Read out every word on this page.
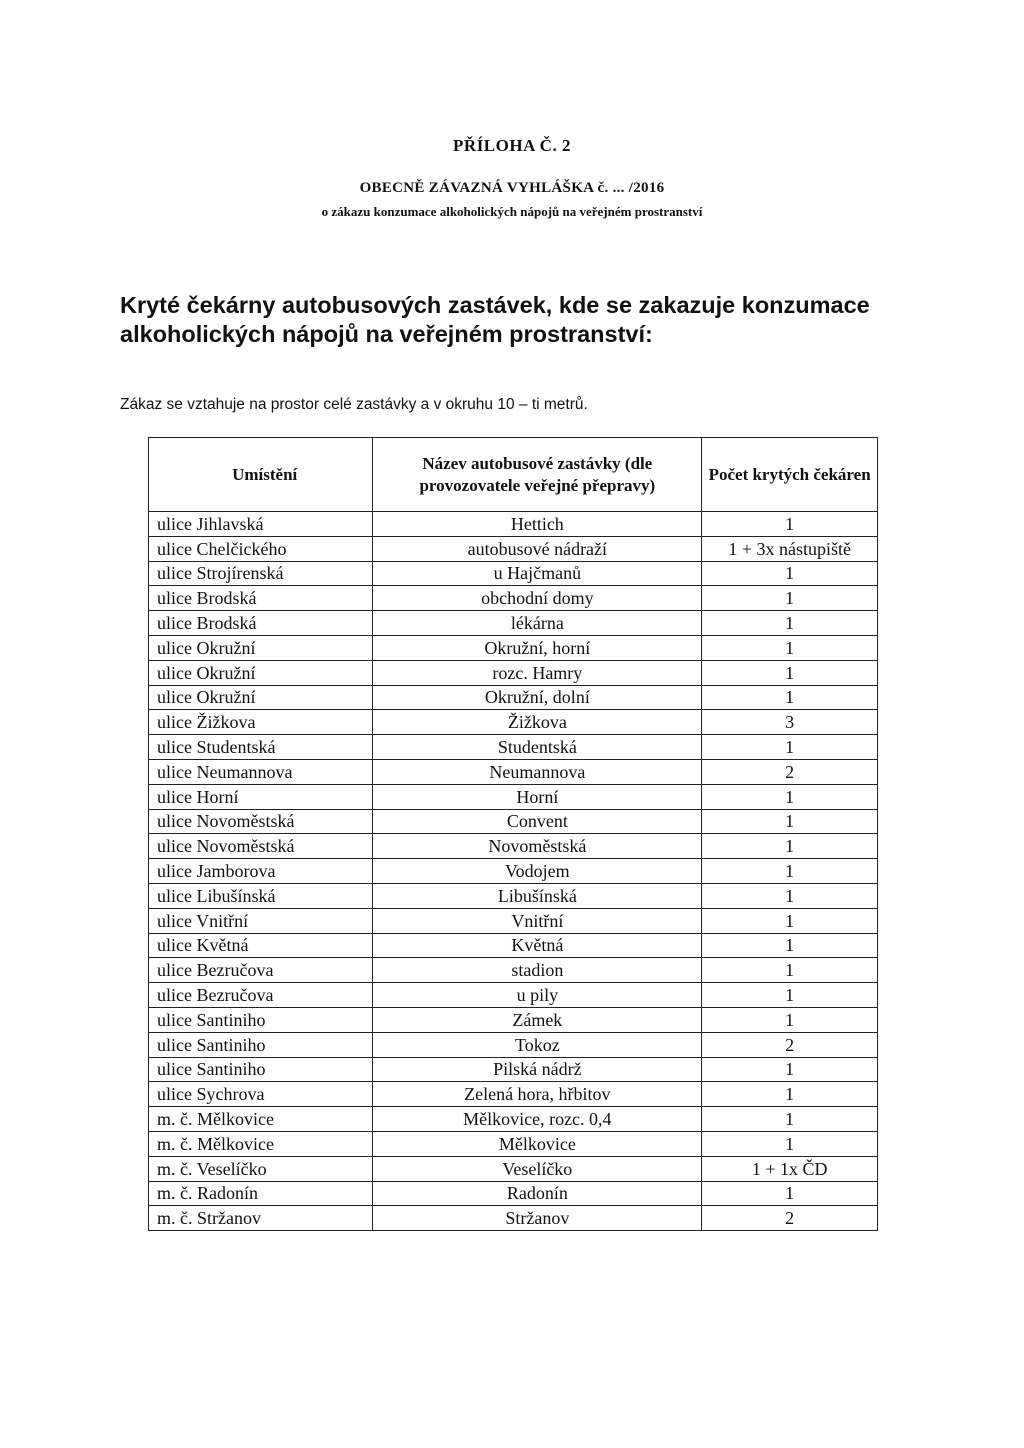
PŘÍLOHA Č. 2
OBECNĚ ZÁVAZNÁ VYHLÁŠKA č. ... /2016
o zákazu konzumace alkoholických nápojů na veřejném prostranství
Kryté čekárny autobusových zastávek, kde se zakazuje konzumace alkoholických nápojů na veřejném prostranství:
Zákaz se vztahuje na prostor celé zastávky a v okruhu 10 – ti metrů.
Umístění	Název autobusové zastávky (dle provozovatele veřejné přepravy)	Počet krytých čekáren
ulice Jihlavská	Hettich	1
ulice Chelčického	autobusové nádraží	1 + 3x nástupiště
ulice Strojírenská	u Hajčmanů	1
ulice Brodská	obchodní domy	1
ulice Brodská	lékárna	1
ulice Okružní	Okružní, horní	1
ulice Okružní	rozc. Hamry	1
ulice Okružní	Okružní, dolní	1
ulice Žižkova	Žižkova	3
ulice Studentská	Studentská	1
ulice Neumannova	Neumannova	2
ulice Horní	Horní	1
ulice Novoměstská	Convent	1
ulice Novoměstská	Novoměstská	1
ulice Jamborova	Vodojem	1
ulice Libušínská	Libušínská	1
ulice Vnitřní	Vnitřní	1
ulice Květná	Květná	1
ulice Bezručova	stadion	1
ulice Bezručova	u pily	1
ulice Santiniho	Zámek	1
ulice Santiniho	Tokoz	2
ulice Santiniho	Pilská nádrž	1
ulice Sychrova	Zelená hora, hřbitov	1
m. č. Mělkovice	Mělkovice, rozc. 0,4	1
m. č. Mělkovice	Mělkovice	1
m. č. Veselíčko	Veselíčko	1 + 1x ČD
m. č. Radonín	Radonín	1
m. č. Stržanov	Stržanov	2
